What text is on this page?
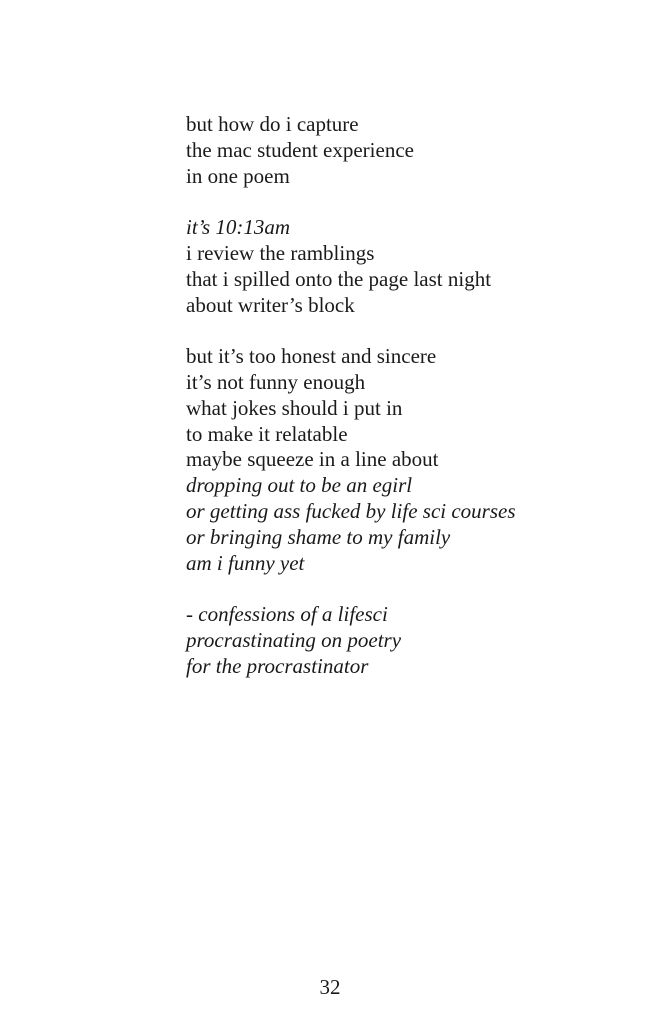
but how do i capture
the mac student experience
in one poem
it’s 10:13am
i review the ramblings
that i spilled onto the page last night
about writer’s block
but it’s too honest and sincere
it’s not funny enough
what jokes should i put in
to make it relatable
maybe squeeze in a line about
dropping out to be an egirl
or getting ass fucked by life sci courses
or bringing shame to my family
am i funny yet
- confessions of a lifesci
procrastinating on poetry
for the procrastinator
32
